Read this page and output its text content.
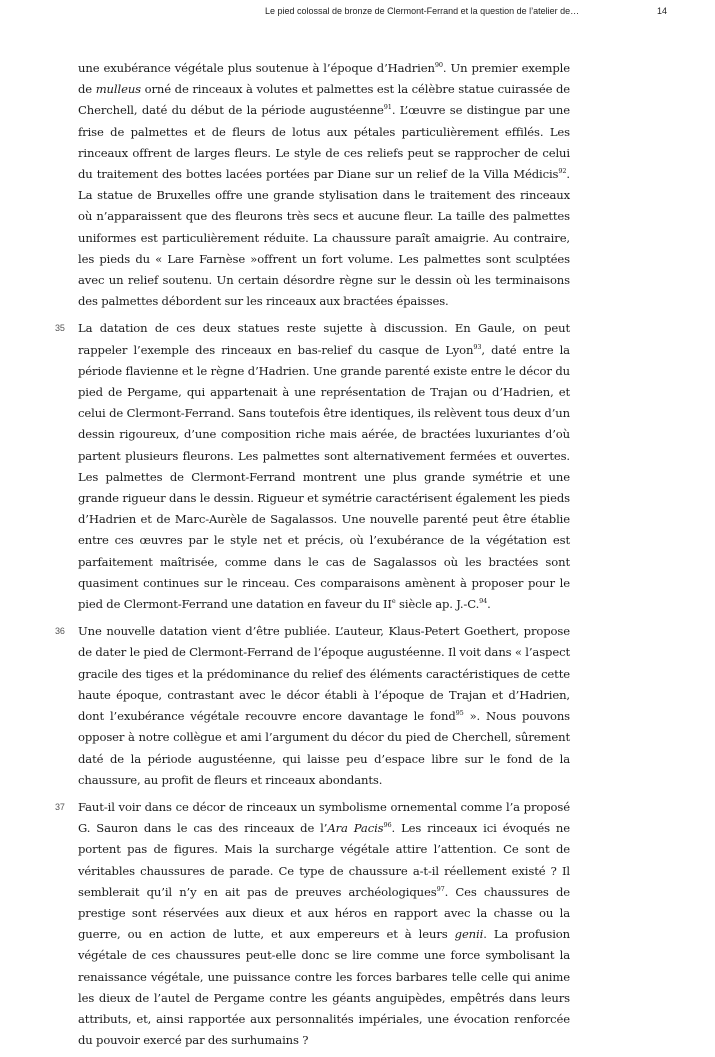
Le pied colossal de bronze de Clermont-Ferrand et la question de l’atelier de…	14

une exubérance végétale plus soutenue à l’époque d’Hadrien$^{90}$. Un premier exemple de mulleus orné de rinceaux à volutes et palmettes est la célèbre statue cuirassée de Cherchell, daté du début de la période augustéenne$^{91}$. L’œuvre se distingue par une frise de palmettes et de fleurs de lotus aux pétales particulièrement effilés. Les rinceaux offrent de larges fleurs. Le style de ces reliefs peut se rapprocher de celui du traitement des bottes lacées portées par Diane sur un relief de la Villa Médicis$^{92}$. La statue de Bruxelles offre une grande stylisation dans le traitement des rinceaux où n’apparaissent que des fleurons très secs et aucune fleur. La taille des palmettes uniformes est particulièrement réduite. La chaussure paraît amaigrie. Au contraire, les pieds du « Lare Farnèse »offrent un fort volume. Les palmettes sont sculptées avec un relief soutenu. Un certain désordre règne sur le dessin où les terminaisons des palmettes débordent sur les rinceaux aux bractées épaisses.

35 La datation de ces deux statues reste sujette à discussion. En Gaule, on peut rappeler l’exemple des rinceaux en bas-relief du casque de Lyon$^{93}$, daté entre la période flavienne et le règne d’Hadrien. Une grande parenté existe entre le décor du pied de Pergame, qui appartenait à une représentation de Trajan ou d’Hadrien, et celui de Clermont-Ferrand. Sans toutefois être identiques, ils relèvent tous deux d’un dessin rigoureux, d’une composition riche mais aérée, de bractées luxuriantes d’où partent plusieurs fleurons. Les palmettes sont alternativement fermées et ouvertes. Les palmettes de Clermont-Ferrand montrent une plus grande symétrie et une grande rigueur dans le dessin. Rigueur et symétrie caractérisent également les pieds d’Hadrien et de Marc-Aurèle de Sagalassos. Une nouvelle parenté peut être établie entre ces œuvres par le style net et précis, où l’exubérance de la végétation est parfaitement maîtrisée, comme dans le cas de Sagalassos où les bractées sont quasiment continues sur le rinceau. Ces comparaisons amènent à proposer pour le pied de Clermont-Ferrand une datation en faveur du IIe siècle ap. J.-C.$^{94}$.

36 Une nouvelle datation vient d’être publiée. L’auteur, Klaus-Petert Goethert, propose de dater le pied de Clermont-Ferrand de l’époque augustéenne. Il voit dans « l’aspect gracile des tiges et la prédominance du relief des éléments caractéristiques de cette haute époque, contrastant avec le décor établi à l’époque de Trajan et d’Hadrien, dont l’exubérance végétale recouvre encore davantage le fond$^{95}$ ». Nous pouvons opposer à notre collègue et ami l’argument du décor du pied de Cherchell, sûrement daté de la période augustéenne, qui laisse peu d’espace libre sur le fond de la chaussure, au profit de fleurs et rinceaux abondants.

37 Faut-il voir dans ce décor de rinceaux un symbolisme ornemental comme l’a proposé G. Sauron dans le cas des rinceaux de l’Ara Pacis$^{96}$. Les rinceaux ici évoqués ne portent pas de figures. Mais la surcharge végétale attire l’attention. Ce sont de véritables chaussures de parade. Ce type de chaussure a-t-il réellement existé ? Il semblerait qu’il n’y en ait pas de preuves archéologiques$^{97}$. Ces chaussures de prestige sont réservées aux dieux et aux héros en rapport avec la chasse ou la guerre, ou en action de lutte, et aux empereurs et à leurs genii. La profusion végétale de ces chaussures peut-elle donc se lire comme une force symbolisant la renaissance végétale, une puissance contre les forces barbares telle celle qui anime les dieux de l’autel de Pergame contre les géants anguipèdes, empêtrés dans leurs attributs, et, ainsi rapportée aux personnalités impériales, une évocation renforcée du pouvoir exercé par des surhumains ?
